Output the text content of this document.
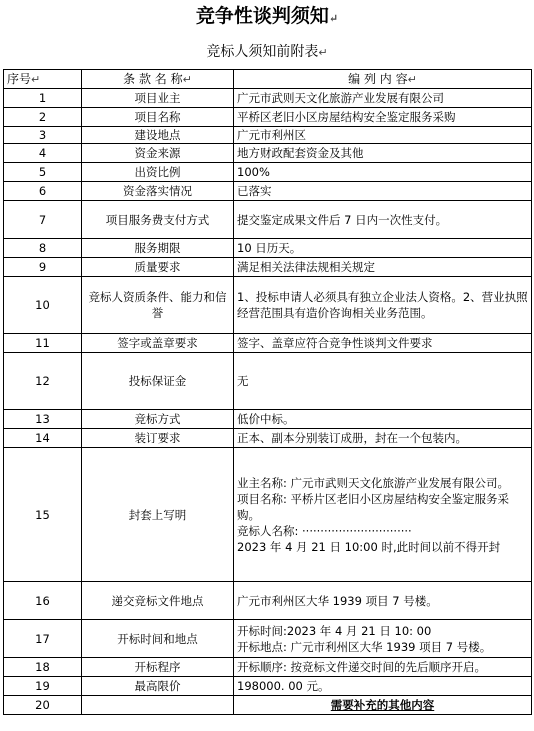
竞争性谈判须知↵
竞标人须知前附表↵
序号↵	条 款 名 称↵	编 列 内 容↵
1	项目业主	广元市武则天文化旅游产业发展有限公司
2	项目名称	平桥区老旧小区房屋结构安全鉴定服务采购
3	建设地点	广元市利州区
4	资金来源	地方财政配套资金及其他
5	出资比例	100%
6	资金落实情况	已落实
7	项目服务费支付方式	提交鉴定成果文件后 7 日内一次性支付。
8	服务期限	10 日历天。
9	质量要求	满足相关法律法规相关规定
10	竞标人资质条件、能力和信誉	1、投标申请人必须具有独立企业法人资格。2、营业执照经营范围具有造价咨询相关业务范围。
11	签字或盖章要求	签字、盖章应符合竞争性谈判文件要求
12	投标保证金	无
13	竞标方式	低价中标。
14	装订要求	正本、副本分别装订成册，封在一个包装内。
15	封套上写明	业主名称: 广元市武则天文化旅游产业发展有限公司。
项目名称: 平桥片区老旧小区房屋结构安全鉴定服务采购。
竞标人名称: ······························
2023 年 4 月 21 日 10:00 时,此时间以前不得开封
16	递交竞标文件地点	广元市利州区大华 1939 项目 7 号楼。
17	开标时间和地点	开标时间:2023 年 4 月 21 日 10: 00
开标地点: 广元市利州区大华 1939 项目 7 号楼。
18	开标程序	开标顺序: 按竞标文件递交时间的先后顺序开启。
19	最高限价	198000. 00 元。
20		需要补充的其他内容
